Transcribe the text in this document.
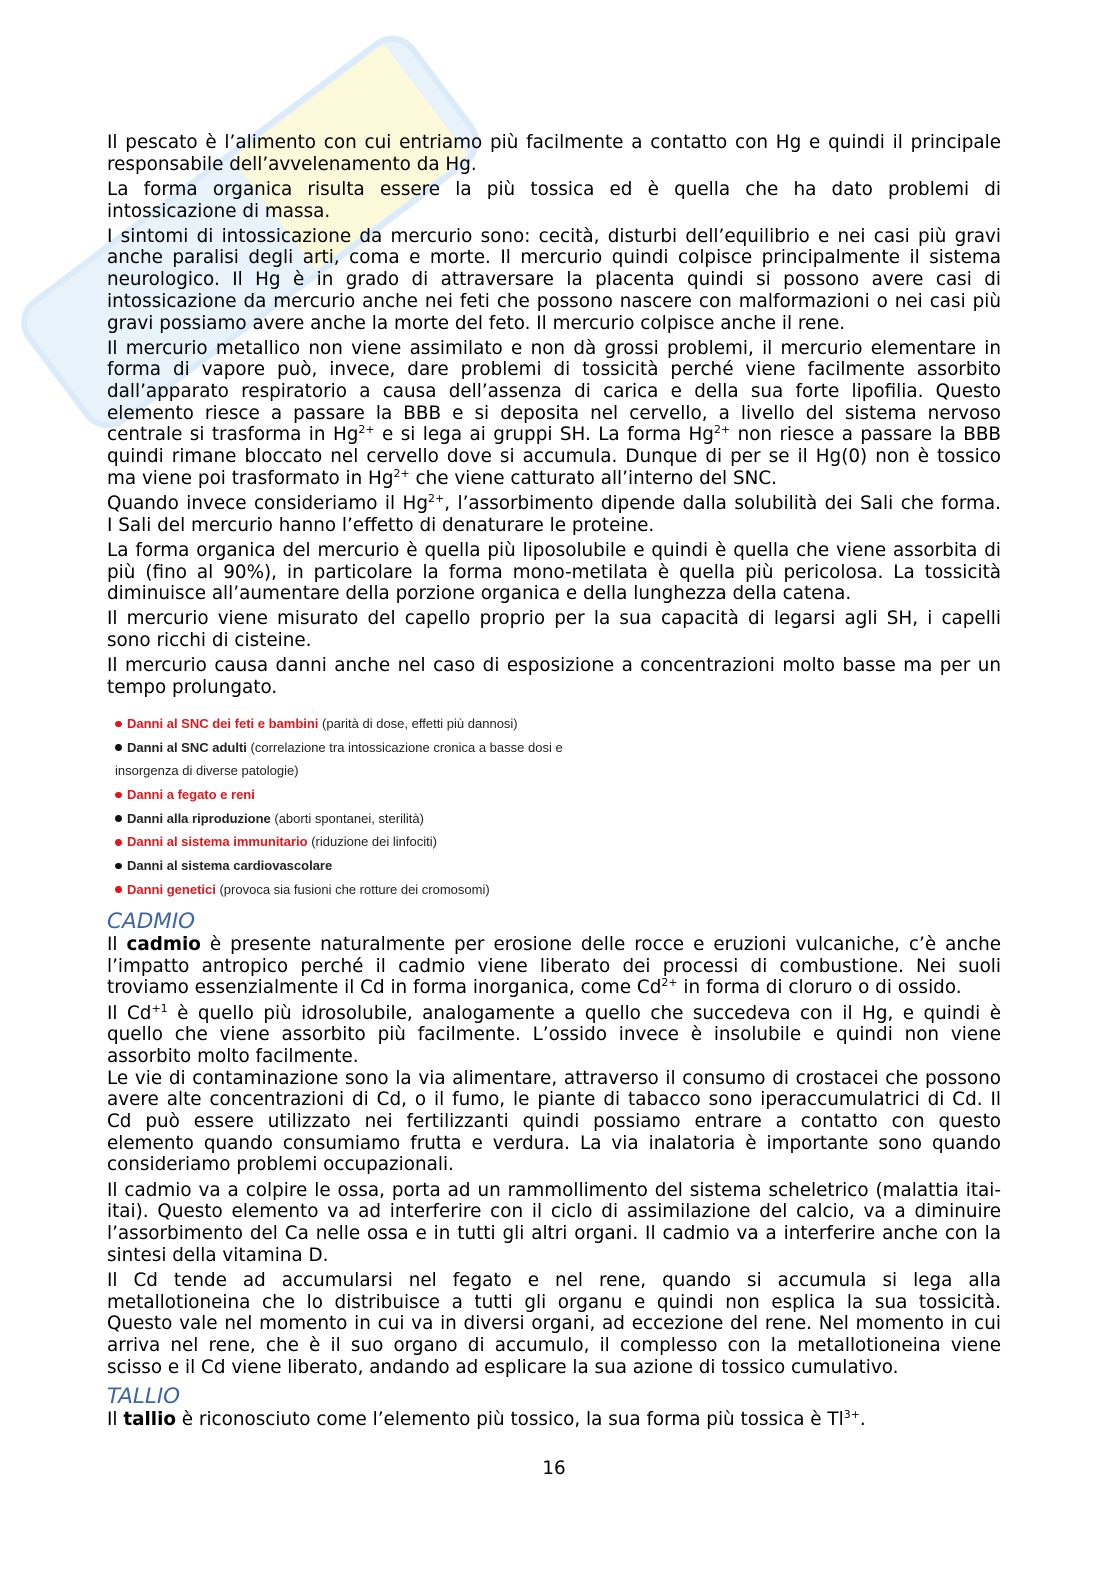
Il pescato è l’alimento con cui entriamo più facilmente a contatto con Hg e quindi il principale
responsabile dell’avvelenamento da Hg.
La forma organica risulta essere la più tossica ed è quella che ha dato problemi di
intossicazione di massa.
I sintomi di intossicazione da mercurio sono: cecità, disturbi dell’equilibrio e nei casi più gravi
anche paralisi degli arti, coma e morte. Il mercurio quindi colpisce principalmente il sistema
neurologico. Il Hg è in grado di attraversare la placenta quindi si possono avere casi di
intossicazione da mercurio anche nei feti che possono nascere con malformazioni o nei casi più
gravi possiamo avere anche la morte del feto. Il mercurio colpisce anche il rene.
Il mercurio metallico non viene assimilato e non dà grossi problemi, il mercurio elementare in
forma di vapore può, invece, dare problemi di tossicità perché viene facilmente assorbito
dall’apparato respiratorio a causa dell’assenza di carica e della sua forte lipofilia. Questo
elemento riesce a passare la BBB e si deposita nel cervello, a livello del sistema nervoso
centrale si trasforma in $Hg^{2+}$ e si lega ai gruppi SH. La forma $Hg^{2+}$ non riesce a passare la BBB
quindi rimane bloccato nel cervello dove si accumula. Dunque di per se il Hg(0) non è tossico
ma viene poi trasformato in $Hg^{2+}$ che viene catturato all’interno del SNC.
Quando invece consideriamo il $Hg^{2+}$, l’assorbimento dipende dalla solubilità dei Sali che forma.
I Sali del mercurio hanno l’effetto di denaturare le proteine.
La forma organica del mercurio è quella più liposolubile e quindi è quella che viene assorbita di
più (fino al 90%), in particolare la forma mono-metilata è quella più pericolosa. La tossicità
diminuisce all’aumentare della porzione organica e della lunghezza della catena.
Il mercurio viene misurato del capello proprio per la sua capacità di legarsi agli SH, i capelli
sono ricchi di cisteine.
Il mercurio causa danni anche nel caso di esposizione a concentrazioni molto basse ma per un
tempo prolungato.
Danni al SNC dei feti e bambini (parità di dose, effetti più dannosi)
Danni al SNC adulti (correlazione tra intossicazione cronica a basse dosi e
insorgenza di diverse patologie)
Danni a fegato e reni
Danni alla riproduzione (aborti spontanei, sterilità)
Danni al sistema immunitario (riduzione dei linfociti)
Danni al sistema cardiovascolare
Danni genetici (provoca sia fusioni che rotture dei cromosomi)
CADMIO
Il cadmio è presente naturalmente per erosione delle rocce e eruzioni vulcaniche, c’è anche
l’impatto antropico perché il cadmio viene liberato dei processi di combustione. Nei suoli
troviamo essenzialmente il Cd in forma inorganica, come $Cd^{2+}$ in forma di cloruro o di ossido.
Il $Cd^{+1}$ è quello più idrosolubile, analogamente a quello che succedeva con il Hg, e quindi è
quello che viene assorbito più facilmente. L’ossido invece è insolubile e quindi non viene
assorbito molto facilmente.
Le vie di contaminazione sono la via alimentare, attraverso il consumo di crostacei che possono
avere alte concentrazioni di Cd, o il fumo, le piante di tabacco sono iperaccumulatrici di Cd. Il
Cd può essere utilizzato nei fertilizzanti quindi possiamo entrare a contatto con questo
elemento quando consumiamo frutta e verdura. La via inalatoria è importante sono quando
consideriamo problemi occupazionali.
Il cadmio va a colpire le ossa, porta ad un rammollimento del sistema scheletrico (malattia itai-
itai). Questo elemento va ad interferire con il ciclo di assimilazione del calcio, va a diminuire
l’assorbimento del Ca nelle ossa e in tutti gli altri organi. Il cadmio va a interferire anche con la
sintesi della vitamina D.
Il Cd tende ad accumularsi nel fegato e nel rene, quando si accumula si lega alla
metallotioneina che lo distribuisce a tutti gli organu e quindi non esplica la sua tossicità.
Questo vale nel momento in cui va in diversi organi, ad eccezione del rene. Nel momento in cui
arriva nel rene, che è il suo organo di accumulo, il complesso con la metallotioneina viene
scisso e il Cd viene liberato, andando ad esplicare la sua azione di tossico cumulativo.
TALLIO
Il tallio è riconosciuto come l’elemento più tossico, la sua forma più tossica è $Tl^{3+}$.
16
